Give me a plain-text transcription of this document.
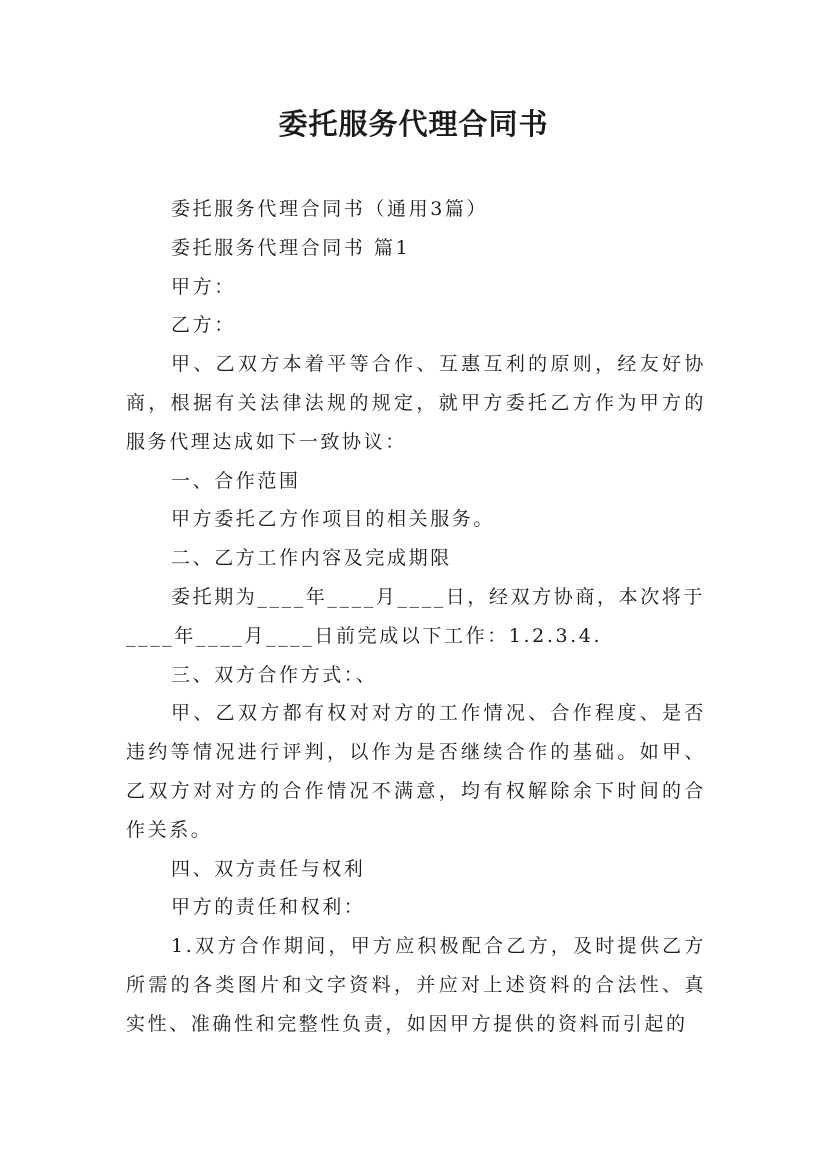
委托服务代理合同书

委托服务代理合同书（通用3篇）

委托服务代理合同书 篇1

甲方：

乙方：

甲、乙双方本着平等合作、互惠互利的原则，经友好协商，根据有关法律法规的规定，就甲方委托乙方作为甲方的服务代理达成如下一致协议：

一、合作范围

甲方委托乙方作项目的相关服务。

二、乙方工作内容及完成期限

委托期为____年____月____日，经双方协商，本次将于

____年____月____日前完成以下工作：1.2.3.4.

三、双方合作方式：、

甲、乙双方都有权对对方的工作情况、合作程度、是否违约等情况进行评判，以作为是否继续合作的基础。如甲、乙双方对对方的合作情况不满意，均有权解除余下时间的合作关系。

四、双方责任与权利

甲方的责任和权利：

1.双方合作期间，甲方应积极配合乙方，及时提供乙方所需的各类图片和文字资料，并应对上述资料的合法性、真实性、准确性和完整性负责，如因甲方提供的资料而引起的
